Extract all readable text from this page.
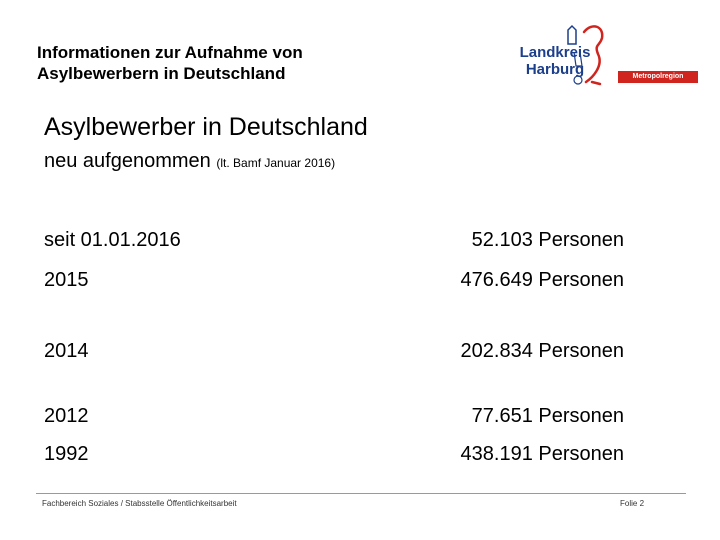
Informationen zur Aufnahme von
Asylbewerbern in Deutschland
Landkreis
Harburg	Metropolregion Hamburg
Asylbewerber in Deutschland
neu aufgenommen (lt. Bamf Januar 2016)
seit 01.01.2016	52.103 Personen
2015	476.649 Personen
2014	202.834 Personen
2012	77.651 Personen
1992	438.191 Personen
Fachbereich Soziales / Stabsstelle Öffentlichkeitsarbeit	Folie 2
